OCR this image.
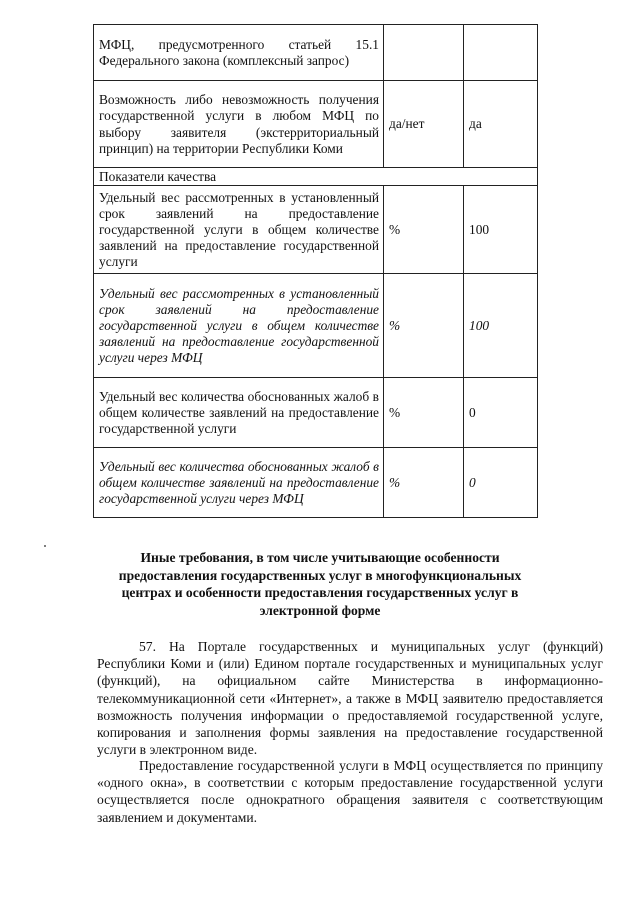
МФЦ, предусмотренного статьей 15.1 Федерального закона (комплексный запрос)		
Возможность либо невозможность получения государственной услуги в любом МФЦ по выбору заявителя (экстерриториальный принцип) на территории Республики Коми	да/нет	да
Показатели качества		
Удельный вес рассмотренных в установленный срок заявлений на предоставление государственной услуги в общем количестве заявлений на предоставление государственной услуги	%	100
Удельный вес рассмотренных в установленный срок заявлений на предоставление государственной услуги в общем количестве заявлений на предоставление государственной услуги через МФЦ	%	100
Удельный вес количества обоснованных жалоб в общем количестве заявлений на предоставление государственной услуги	%	0
Удельный вес количества обоснованных жалоб в общем количестве заявлений на предоставление государственной услуги через МФЦ	%	0
Иные требования, в том числе учитывающие особенности предоставления государственных услуг в многофункциональных центрах и особенности предоставления государственных услуг в электронной форме

57. На Портале государственных и муниципальных услуг (функций) Республики Коми и (или) Едином портале государственных и муниципальных услуг (функций), на официальном сайте Министерства в информационно-телекоммуникационной сети «Интернет», а также в МФЦ заявителю предоставляется возможность получения информации о предоставляемой государственной услуге, копирования и заполнения формы заявления на предоставление государственной услуги в электронном виде.

Предоставление государственной услуги в МФЦ осуществляется по принципу «одного окна», в соответствии с которым предоставление государственной услуги осуществляется после однократного обращения заявителя с соответствующим заявлением и документами.
